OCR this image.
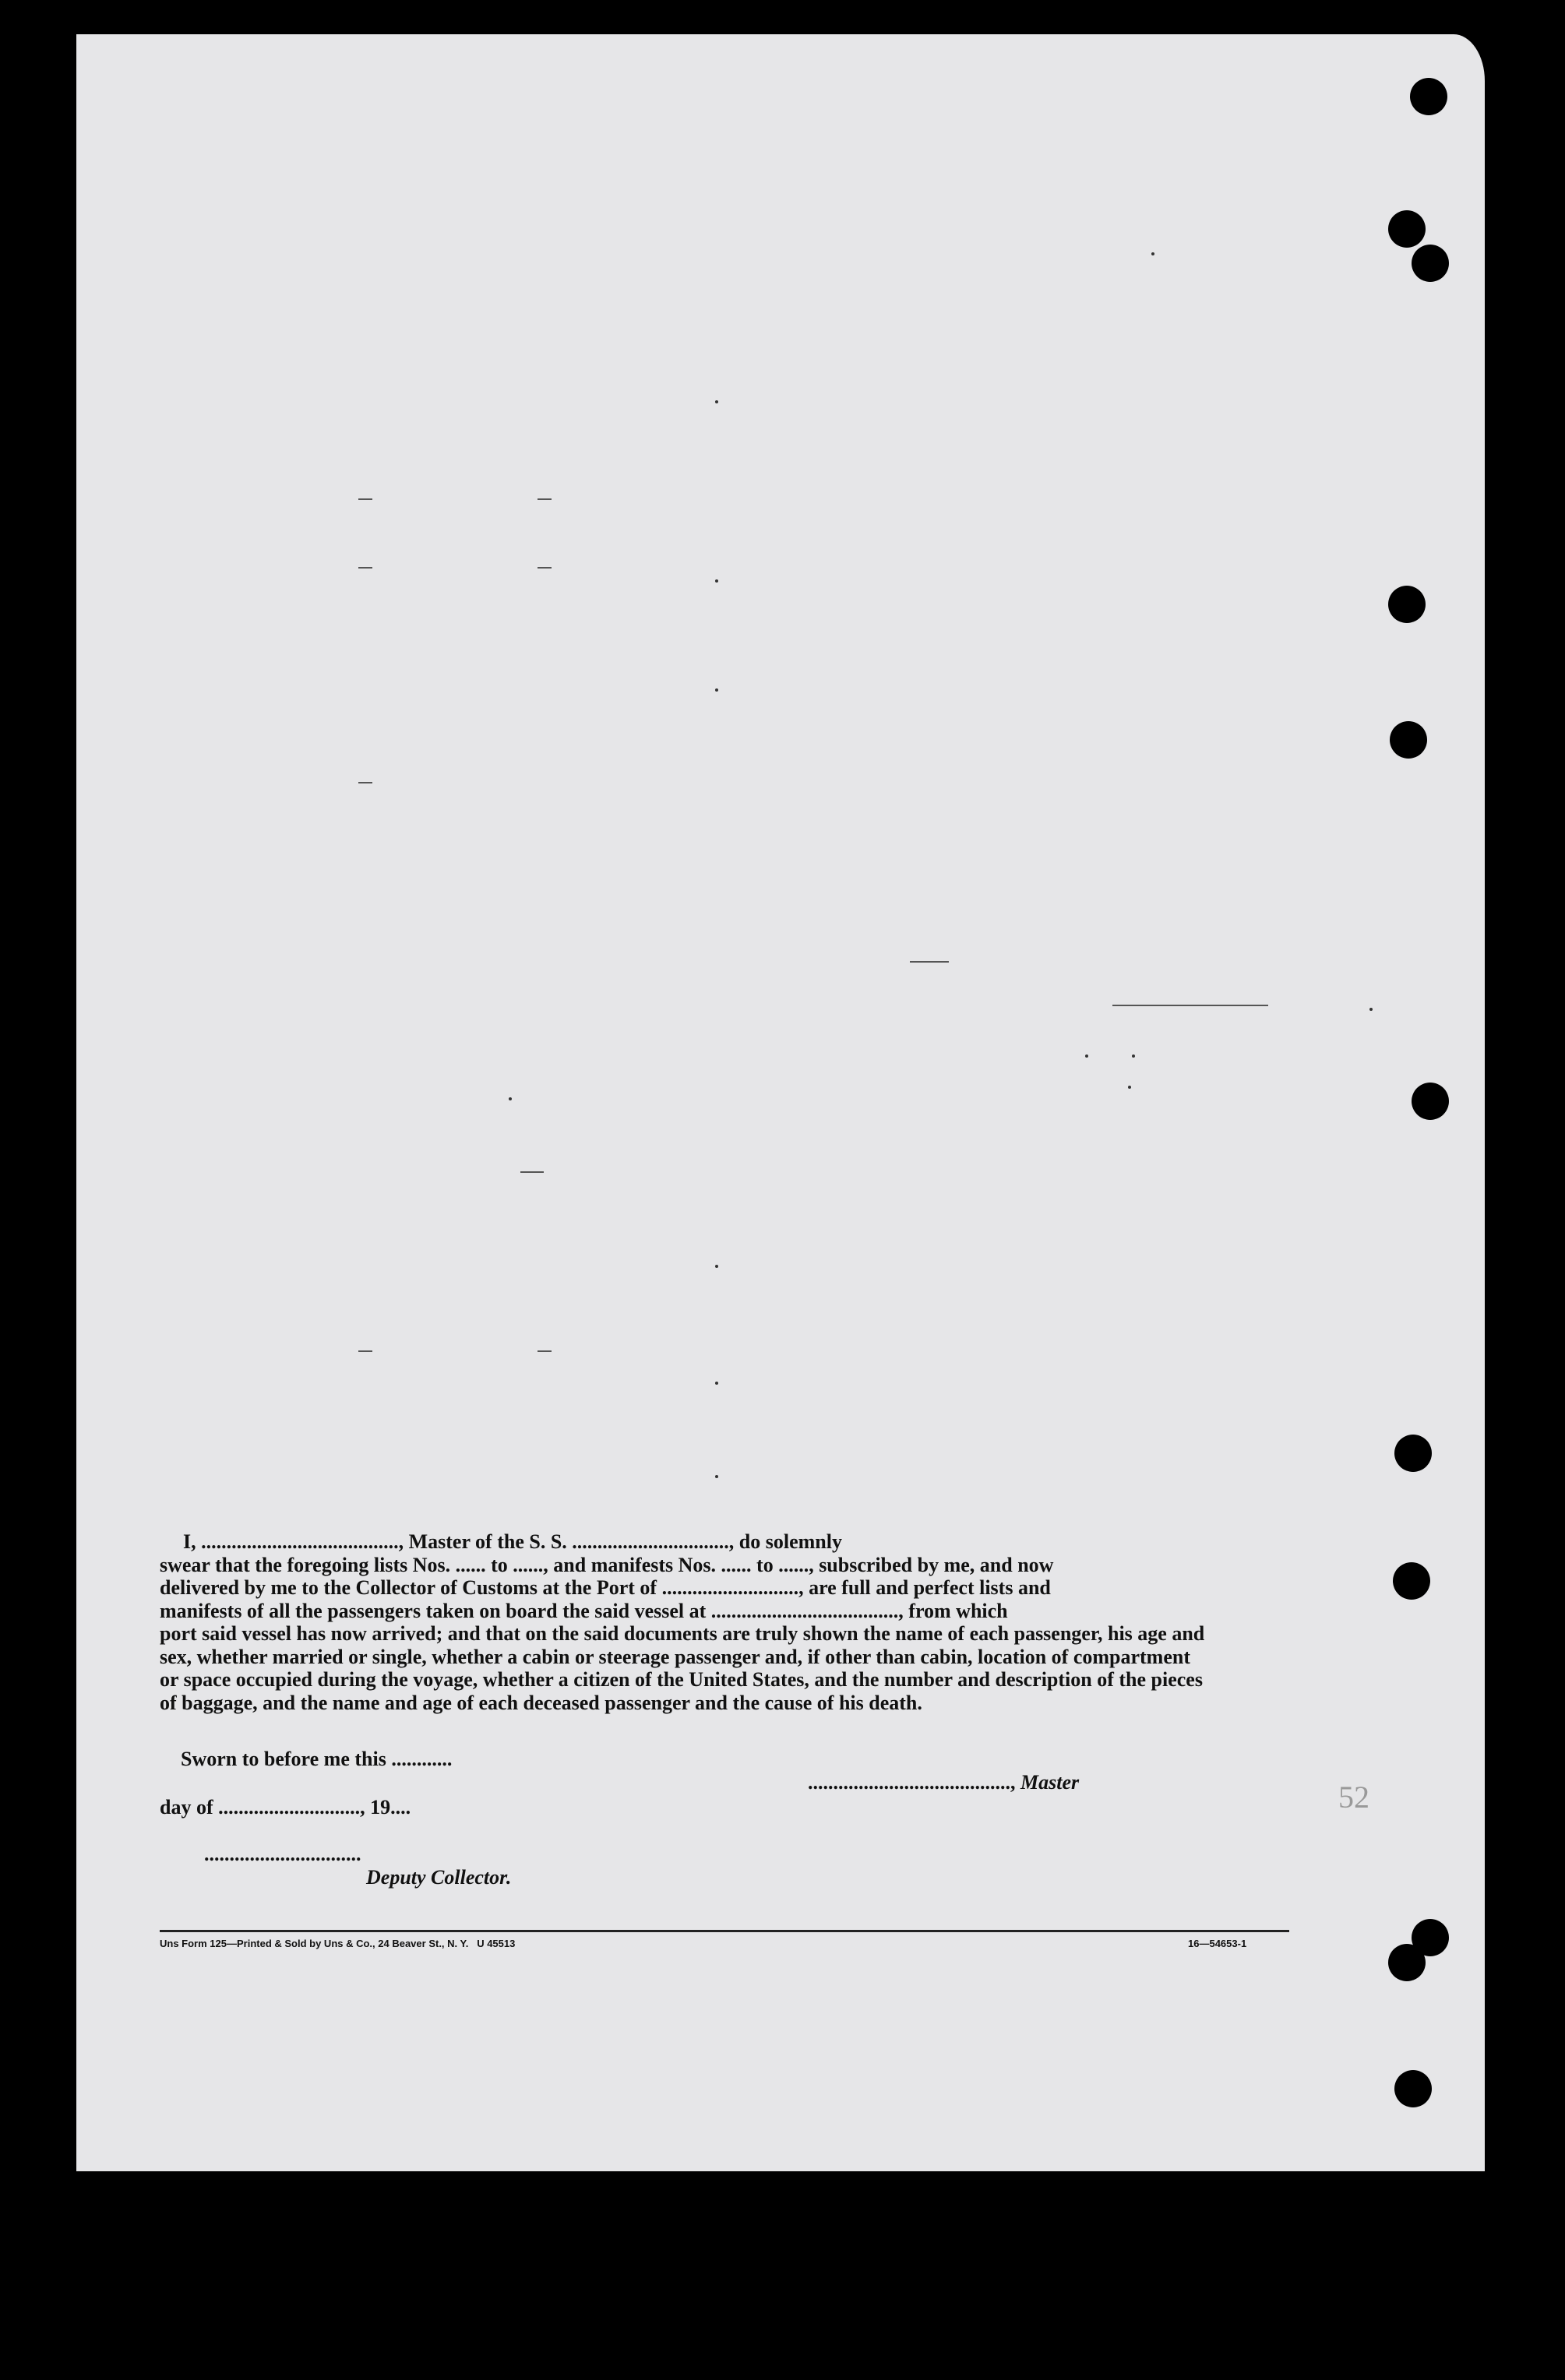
52

I, ......................................., Master of the S. S. ..............................., do solemnly

swear that the foregoing lists Nos. ...... to ......, and manifests Nos. ...... to ......, subscribed by me, and now

delivered by me to the Collector of Customs at the Port of ..........................., are full and perfect lists and

manifests of all the passengers taken on board the said vessel at ....................................., from which

port said vessel has now arrived; and that on the said documents are truly shown the name of each passenger, his age and

sex, whether married or single, whether a cabin or steerage passenger and, if other than cabin, location of compartment

or space occupied during the voyage, whether a citizen of the United States, and the number and description of the pieces

of baggage, and the name and age of each deceased passenger and the cause of his death.

Sworn to before me this ............

........................................, Master

day of ............................, 19....
...............................
Deputy Collector.
Uns Form 125—Printed & Sold by Uns & Co., 24 Beaver St., N. Y.   U 45513	16—54653-1
